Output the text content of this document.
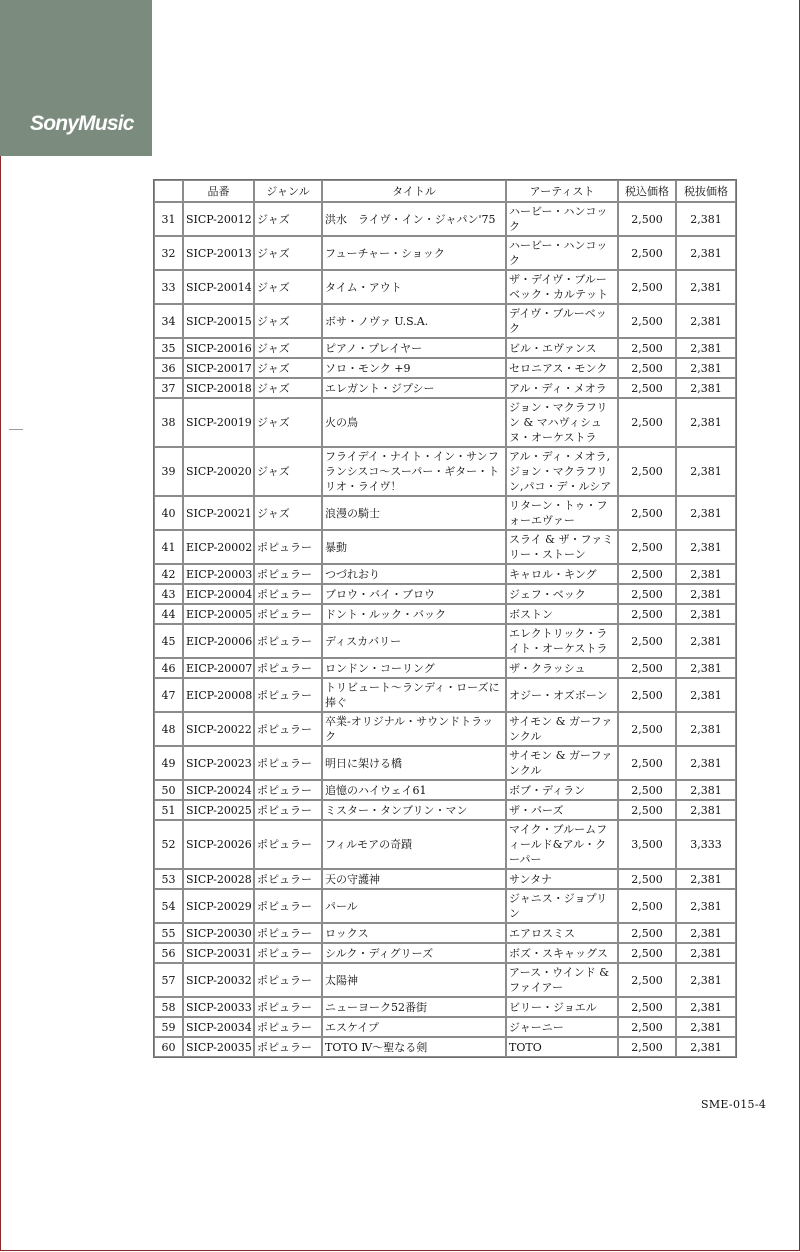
SonyMusic
	品番	ジャンル	タイトル	アーティスト	税込価格	税抜価格
31	SICP-20012	ジャズ	洪水　ライヴ・イン・ジャパン'75	ハービー・ハンコック	2,500	2,381
32	SICP-20013	ジャズ	フューチャー・ショック	ハービー・ハンコック	2,500	2,381
33	SICP-20014	ジャズ	タイム・アウト	ザ・デイヴ・ブルーベック・カルテット	2,500	2,381
34	SICP-20015	ジャズ	ボサ・ノヴァ U.S.A.	デイヴ・ブルーベック	2,500	2,381
35	SICP-20016	ジャズ	ピアノ・プレイヤー	ビル・エヴァンス	2,500	2,381
36	SICP-20017	ジャズ	ソロ・モンク +9	セロニアス・モンク	2,500	2,381
37	SICP-20018	ジャズ	エレガント・ジプシー	アル・ディ・メオラ	2,500	2,381
38	SICP-20019	ジャズ	火の鳥	ジョン・マクラフリン & マハヴィシュヌ・オーケストラ	2,500	2,381
39	SICP-20020	ジャズ	フライデイ・ナイト・イン・サンフランシスコ～スーパー・ギター・トリオ・ライヴ！	アル・ディ・メオラ,ジョン・マクラフリン,パコ・デ・ルシア	2,500	2,381
40	SICP-20021	ジャズ	浪漫の騎士	リターン・トゥ・フォーエヴァー	2,500	2,381
41	EICP-20002	ポピュラー	暴動	スライ & ザ・ファミリー・ストーン	2,500	2,381
42	EICP-20003	ポピュラー	つづれおり	キャロル・キング	2,500	2,381
43	EICP-20004	ポピュラー	ブロウ・バイ・ブロウ	ジェフ・ベック	2,500	2,381
44	EICP-20005	ポピュラー	ドント・ルック・バック	ボストン	2,500	2,381
45	EICP-20006	ポピュラー	ディスカバリー	エレクトリック・ライト・オーケストラ	2,500	2,381
46	EICP-20007	ポピュラー	ロンドン・コーリング	ザ・クラッシュ	2,500	2,381
47	EICP-20008	ポピュラー	トリビュート～ランディ・ローズに捧ぐ	オジー・オズボーン	2,500	2,381
48	SICP-20022	ポピュラー	卒業-オリジナル・サウンドトラック	サイモン & ガーファンクル	2,500	2,381
49	SICP-20023	ポピュラー	明日に架ける橋	サイモン & ガーファンクル	2,500	2,381
50	SICP-20024	ポピュラー	追憶のハイウェイ61	ボブ・ディラン	2,500	2,381
51	SICP-20025	ポピュラー	ミスター・タンブリン・マン	ザ・バーズ	2,500	2,381
52	SICP-20026	ポピュラー	フィルモアの奇蹟	マイク・ブルームフィールド&アル・クーパー	3,500	3,333
53	SICP-20028	ポピュラー	天の守護神	サンタナ	2,500	2,381
54	SICP-20029	ポピュラー	パール	ジャニス・ジョプリン	2,500	2,381
55	SICP-20030	ポピュラー	ロックス	エアロスミス	2,500	2,381
56	SICP-20031	ポピュラー	シルク・ディグリーズ	ボズ・スキャッグス	2,500	2,381
57	SICP-20032	ポピュラー	太陽神	アース・ウインド & ファイアー	2,500	2,381
58	SICP-20033	ポピュラー	ニューヨーク52番街	ビリー・ジョエル	2,500	2,381
59	SICP-20034	ポピュラー	エスケイプ	ジャーニー	2,500	2,381
60	SICP-20035	ポピュラー	TOTO Ⅳ～聖なる剣	TOTO	2,500	2,381
SME-015-4
